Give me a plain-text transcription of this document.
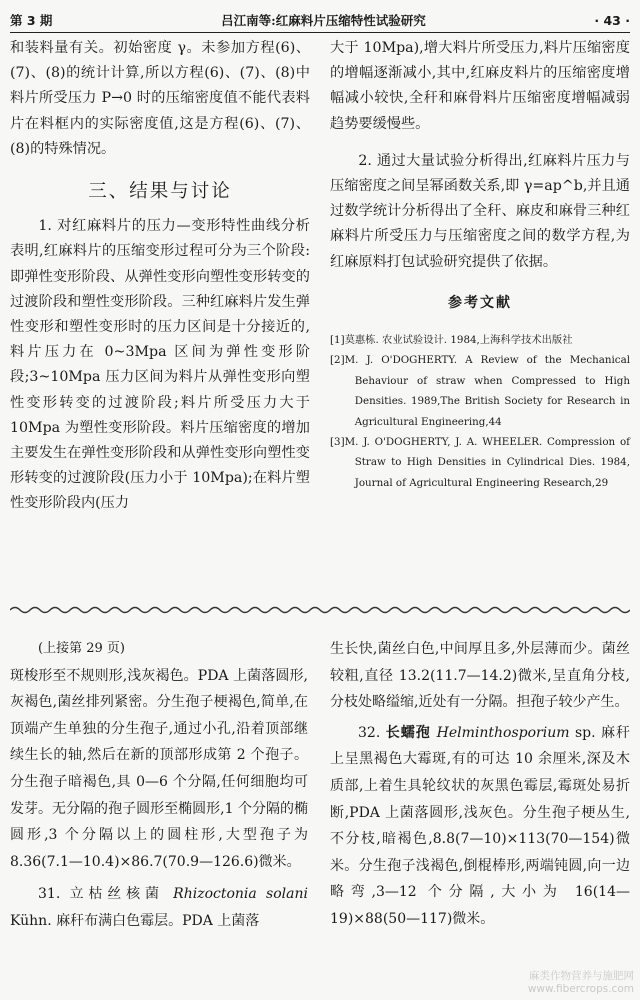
第 3 期	吕江南等:红麻料片压缩特性试验研究	· 43 ·

和装料量有关。初始密度 γ。未参加方程(6)、(7)、(8)的统计计算,所以方程(6)、(7)、(8)中料片所受压力 P→0 时的压缩密度值不能代表料片在料框内的实际密度值,这是方程(6)、(7)、(8)的特殊情况。

三、结果与讨论

1. 对红麻料片的压力—变形特性曲线分析表明,红麻料片的压缩变形过程可分为三个阶段:即弹性变形阶段、从弹性变形向塑性变形转变的过渡阶段和塑性变形阶段。三种红麻料片发生弹性变形和塑性变形时的压力区间是十分接近的,料片压力在 0~3Mpa 区间为弹性变形阶段;3~10Mpa 压力区间为料片从弹性变形向塑性变形转变的过渡阶段;料片所受压力大于 10Mpa 为塑性变形阶段。料片压缩密度的增加主要发生在弹性变形阶段和从弹性变形向塑性变形转变的过渡阶段(压力小于 10Mpa);在料片塑性变形阶段内(压力

大于 10Mpa),增大料片所受压力,料片压缩密度的增幅逐渐减小,其中,红麻皮料片的压缩密度增幅减小较快,全秆和麻骨料片压缩密度增幅减弱趋势要缓慢些。

2. 通过大量试验分析得出,红麻料片压力与压缩密度之间呈幂函数关系,即 γ=ap^b,并且通过数学统计分析得出了全秆、麻皮和麻骨三种红麻料片所受压力与压缩密度之间的数学方程,为红麻原料打包试验研究提供了依据。

参考文献
[1]莫惠栋. 农业试验设计. 1984,上海科学技术出版社
[2]M. J. O'DOGHERTY. A Review of the Mechanical Behaviour of straw when Compressed to High Densities. 1989,The British Society for Research in Agricultural Engineering,44
[3]M. J. O'DOGHERTY, J. A. WHEELER. Compression of Straw to High Densities in Cylindrical Dies. 1984, Journal of Agricultural Engineering Research,29
(上接第 29 页)

斑梭形至不规则形,浅灰褐色。PDA 上菌落圆形,灰褐色,菌丝排列紧密。分生孢子梗褐色,简单,在顶端产生单独的分生孢子,通过小孔,沿着顶部继续生长的轴,然后在新的顶部形成第 2 个孢子。分生孢子暗褐色,具 0—6 个分隔,任何细胞均可发芽。无分隔的孢子圆形至椭圆形,1 个分隔的椭圆形,3 个分隔以上的圆柱形,大型孢子为 8.36(7.1—10.4)×86.7(70.9—126.6)微米。

31. 立枯丝核菌 Rhizoctonia solani Kühn. 麻秆布满白色霉层。PDA 上菌落

生长快,菌丝白色,中间厚且多,外层薄而少。菌丝较粗,直径 13.2(11.7—14.2)微米,呈直角分枝,分枝处略缢缩,近处有一分隔。担孢子较少产生。

32. 长蠕孢 Helminthosporium sp. 麻秆上呈黑褐色大霉斑,有的可达 10 余厘米,深及木质部,上着生具轮纹状的灰黑色霉层,霉斑处易折断,PDA 上菌落圆形,浅灰色。分生孢子梗丛生,不分枝,暗褐色,8.8(7—10)×113(70—154)微米。分生孢子浅褐色,倒棍棒形,两端钝圆,向一边略弯,3—12 个分隔,大小为 16(14—19)×88(50—117)微米。

麻类作物营养与施肥网
www.fibercrops.com
